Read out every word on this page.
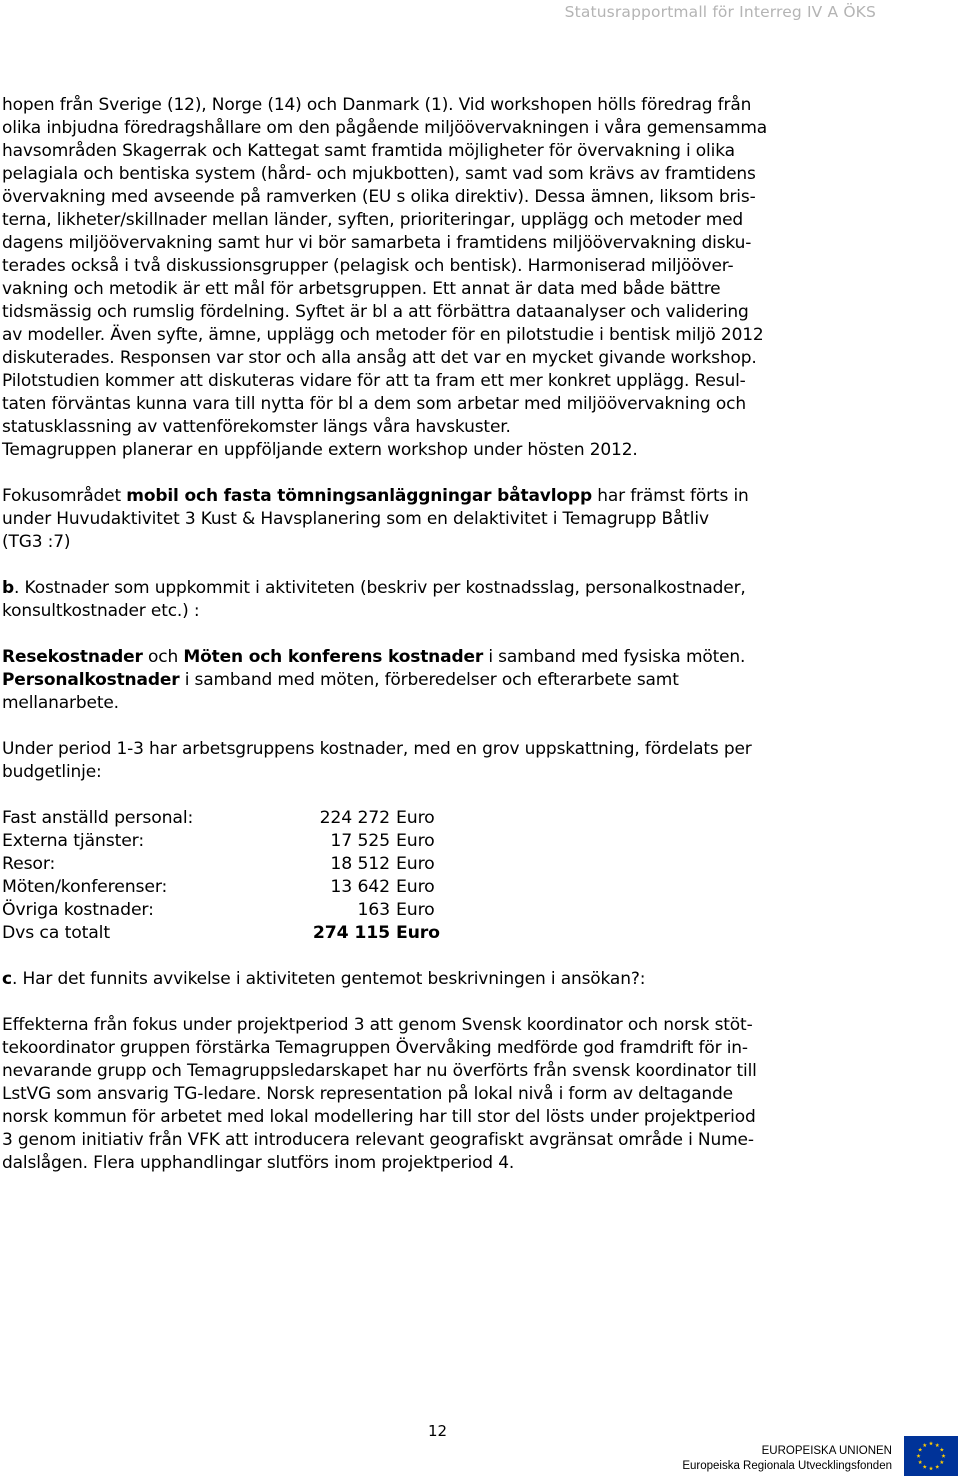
Statusrapportmall för Interreg IV A ÖKS

hopen från Sverige (12), Norge (14) och Danmark (1). Vid workshopen hölls föredrag från
olika inbjudna föredragshållare om den pågående miljöövervakningen i våra gemensamma
havsområden Skagerrak och Kattegat samt framtida möjligheter för övervakning i olika
pelagiala och bentiska system (hård- och mjukbotten), samt vad som krävs av framtidens
övervakning med avseende på ramverken (EU s olika direktiv). Dessa ämnen, liksom bris-
terna, likheter/skillnader mellan länder, syften, prioriteringar, upplägg och metoder med
dagens miljöövervakning samt hur vi bör samarbeta i framtidens miljöövervakning disku-
terades också i två diskussionsgrupper (pelagisk och bentisk). Harmoniserad miljööver-
vakning och metodik är ett mål för arbetsgruppen. Ett annat är data med både bättre
tidsmässig och rumslig fördelning. Syftet är bl a att förbättra dataanalyser och validering
av modeller. Även syfte, ämne, upplägg och metoder för en pilotstudie i bentisk miljö 2012
diskuterades. Responsen var stor och alla ansåg att det var en mycket givande workshop.
Pilotstudien kommer att diskuteras vidare för att ta fram ett mer konkret upplägg. Resul-
taten förväntas kunna vara till nytta för bl a dem som arbetar med miljöövervakning och
statusklassning av vattenförekomster längs våra havskuster.
Temagruppen planerar en uppföljande extern workshop under hösten 2012.

Fokusområdet mobil och fasta tömningsanläggningar båtavlopp har främst förts in
under Huvudaktivitet 3 Kust & Havsplanering som en delaktivitet i Temagrupp Båtliv
(TG3 :7)

b. Kostnader som uppkommit i aktiviteten (beskriv per kostnadsslag, personalkostnader,
konsultkostnader etc.) :

Resekostnader och Möten och konferens kostnader i samband med fysiska möten.
Personalkostnader i samband med möten, förberedelser och efterarbete samt
mellanarbete.

Under period 1-3 har arbetsgruppens kostnader, med en grov uppskattning, fördelats per
budgetlinje:

Fast anställd personal:	224 272	Euro
Externa tjänster:	17 525	Euro
Resor:	18 512	Euro
Möten/konferenser:	13 642	Euro
Övriga kostnader:	163	Euro
Dvs ca totalt	274 115	Euro

c. Har det funnits avvikelse i aktiviteten gentemot beskrivningen i ansökan?:

Effekterna från fokus under projektperiod 3 att genom Svensk koordinator och norsk stöt-
tekoordinator gruppen förstärka Temagruppen Övervåking medförde god framdrift för in-
nevarande grupp och Temagruppsledarskapet har nu överförts från svensk koordinator till
LstVG som ansvarig TG-ledare. Norsk representation på lokal nivå i form av deltagande
norsk kommun för arbetet med lokal modellering har till stor del lösts under projektperiod
3 genom initiativ från VFK att introducera relevant geografiskt avgränsat område i Nume-
dalslågen. Flera upphandlingar slutförs inom projektperiod 4.

12
EUROPEISKA UNIONEN
Europeiska Regionala Utvecklingsfonden
